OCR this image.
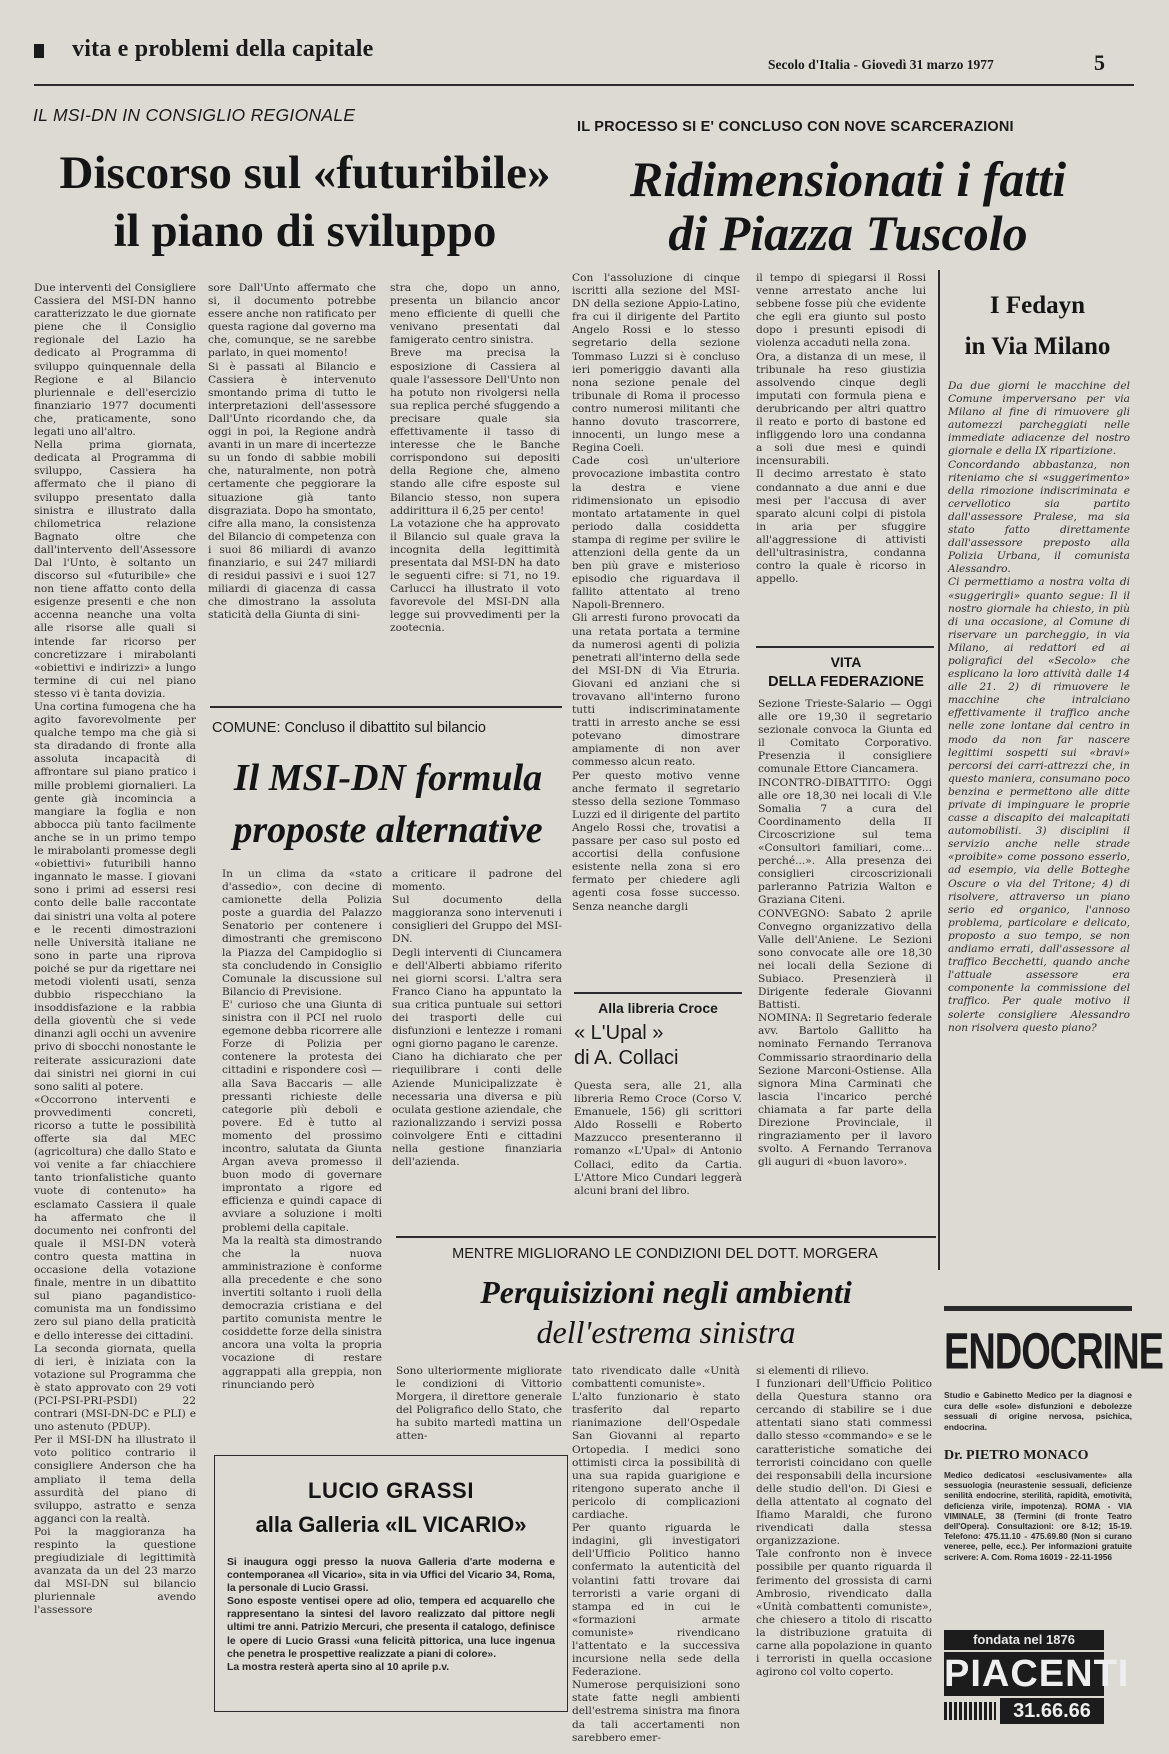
vita e problemi della capitale
Secolo d'Italia - Giovedì 31 marzo 1977	5
IL MSI-DN IN CONSIGLIO REGIONALE
Discorso sul «futuribile»
il piano di sviluppo
Due interventi del Consigliere Cassiera del MSI-DN hanno caratterizzato le due giornate piene che il Consiglio regionale del Lazio ha dedicato al Programma di sviluppo quinquennale della Regione e al Bilancio pluriennale e dell'esercizio finanziario 1977 documenti che, praticamente, sono legati uno all'altro.
Nella prima giornata, dedicata al Programma di sviluppo, Cassiera ha affermato che il piano di sviluppo presentato dalla sinistra e illustrato dalla chilometrica relazione Bagnato oltre che dall'intervento dell'Assessore Dal l'Unto, è soltanto un discorso sul «futuribile» che non tiene affatto conto della esigenze presenti e che non accenna neanche una volta alle risorse alle quali si intende far ricorso per concretizzare i mirabolanti «obiettivi e indirizzi» a lungo termine di cui nel piano stesso vi è tanta dovizia.
Una cortina fumogena che ha agito favorevolmente per qualche tempo ma che già si sta diradando di fronte alla assoluta incapacità di affrontare sul piano pratico i mille problemi giornalieri. La gente già incomincia a mangiare la foglia e non abbocca più tanto facilmente anche se in un primo tempo le mirabolanti promesse degli «obiettivi» futuribili hanno ingannato le masse. I giovani sono i primi ad essersi resi conto delle balle raccontate dai sinistri una volta al potere e le recenti dimostrazioni nelle Università italiane ne sono in parte una riprova poiché se pur da rigettare nei metodi violenti usati, senza dubbio rispecchiano la insoddisfazione e la rabbia della gioventù che si vede dinanzi agli occhi un avvenire privo di sbocchi nonostante le reiterate assicurazioni date dai sinistri nei giorni in cui sono saliti al potere.
«Occorrono interventi e provvedimenti concreti, ricorso a tutte le possibilità offerte sia dal MEC (agricoltura) che dallo Stato e voi venite a far chiacchiere tanto trionfalistiche quanto vuote di contenuto» ha esclamato Cassiera il quale ha affermato che il documento nei confronti del quale il MSI-DN voterà contro questa mattina in occasione della votazione finale, mentre in un dibattito sul piano pagandistico-comunista ma un fondissimo zero sul piano della praticità e dello interesse dei cittadini.
La seconda giornata, quella di ieri, è iniziata con la votazione sul Programma che è stato approvato con 29 voti (PCI-PSI-PRI-PSDI) 22 contrari (MSI-DN-DC e PLI) e uno astenuto (PDUP).
Per il MSI-DN ha illustrato il voto politico contrario il consigliere Anderson che ha ampliato il tema della assurdità del piano di sviluppo, astratto e senza agganci con la realtà.
Poi la maggioranza ha respinto la questione pregiudiziale di legittimità avanzata da un del 23 marzo dal MSI-DN sul bilancio pluriennale avendo l'assessore
sore Dall'Unto affermato che si, il documento potrebbe essere anche non ratificato per questa ragione dal governo ma che, comunque, se ne sarebbe parlato, in quei momento!
Si è passati al Bilancio e Cassiera è intervenuto smontando prima di tutto le interpretazioni dell'assessore Dall'Unto ricordando che, da oggi in poi, la Regione andrà avanti in un mare di incertezze su un fondo di sabbie mobili che, naturalmente, non potrà certamente che peggiorare la situazione già tanto disgraziata. Dopo ha smontato, cifre alla mano, la consistenza del Bilancio di competenza con i suoi 86 miliardi di avanzo finanziario, e sui 247 miliardi di residui passivi e i suoi 127 miliardi di giacenza di cassa che dimostrano la assoluta staticità della Giunta di sini-
stra che, dopo un anno, presenta un bilancio ancor meno efficiente di quelli che venivano presentati dal famigerato centro sinistra.
Breve ma precisa la esposizione di Cassiera al quale l'assessore Dell'Unto non ha potuto non rivolgersi nella sua replica perché sfuggendo a precisare quale sia effettivamente il tasso di interesse che le Banche corrispondono sui depositi della Regione che, almeno stando alle cifre esposte sul Bilancio stesso, non supera addirittura il 6,25 per cento!
La votazione che ha approvato il Bilancio sul quale grava la incognita della legittimità presentata dal MSI-DN ha dato le seguenti cifre: si 71, no 19. Carlucci ha illustrato il voto favorevole del MSI-DN alla legge sui provvedimenti per la zootecnia.
IL PROCESSO SI E' CONCLUSO CON NOVE SCARCERAZIONI
Ridimensionati i fatti
di Piazza Tuscolo
Con l'assoluzione di cinque iscritti alla sezione del MSI-DN della sezione Appio-Latino, fra cui il dirigente del Partito Angelo Rossi e lo stesso segretario della sezione Tommaso Luzzi si è concluso ieri pomeriggio davanti alla nona sezione penale del tribunale di Roma il processo contro numerosi militanti che hanno dovuto trascorrere, innocenti, un lungo mese a Regina Coeli.
Cade così un'ulteriore provocazione imbastita contro la destra e viene ridimensionato un episodio montato artatamente in quel periodo dalla cosiddetta stampa di regime per svilire le attenzioni della gente da un ben più grave e misterioso episodio che riguardava il fallito attentato al treno Napoli-Brennero.
Gli arresti furono provocati da una retata portata a termine da numerosi agenti di polizia penetrati all'interno della sede del MSI-DN di Via Etruria. Giovani ed anziani che si trovavano all'interno furono tutti indiscriminatamente tratti in arresto anche se essi potevano dimostrare ampiamente di non aver commesso alcun reato.
Per questo motivo venne anche fermato il segretario stesso della sezione Tommaso Luzzi ed il dirigente del partito Angelo Rossi che, trovatisi a passare per caso sul posto ed accortisi della confusione esistente nella zona si ero fermato per chiedere agli agenti cosa fosse successo. Senza neanche dargli
il tempo di spiegarsi il Rossi venne arrestato anche lui sebbene fosse più che evidente che egli era giunto sul posto dopo i presunti episodi di violenza accaduti nella zona.
Ora, a distanza di un mese, il tribunale ha reso giustizia assolvendo cinque degli imputati con formula piena e derubricando per altri quattro il reato e porto di bastone ed infliggendo loro una condanna a soli due mesi e quindi incensurabili.
Il decimo arrestato è stato condannato a due anni e due mesi per l'accusa di aver sparato alcuni colpi di pistola in aria per sfuggire all'aggressione di attivisti dell'ultrasinistra, condanna contro la quale è ricorso in appello.
I Fedayn
in Via Milano
Da due giorni le macchine del Comune imperversano per via Milano al fine di rimuovere gli automezzi parcheggiati nelle immediate adiacenze del nostro giornale e della IX ripartizione.
Concordando abbastanza, non riteniamo che si «suggerimento» della rimozione indiscriminata e cervellotico sia partito dall'assessore Pralese, ma sia stato fatto direttamente dall'assessore preposto alla Polizia Urbana, il comunista Alessandro.
Ci permettiamo a nostra volta di «suggerirgli» quanto segue: Il il nostro giornale ha chiesto, in più di una occasione, al Comune di riservare un parcheggio, in via Milano, ai redattori ed ai poligrafici del «Secolo» che esplicano la loro attività dalle 14 alle 21. 2) di rimuovere le macchine che intralciano effettivamente il traffico anche nelle zone lontane dal centro in modo da non far nascere legittimi sospetti sui «bravi» percorsi dei carri-attrezzi che, in questo maniera, consumano poco benzina e permettono alle ditte private di impinguare le proprie casse a discapito dei malcapitati automobilisti. 3) disciplini il servizio anche nelle strade «proibite» come possono esserlo, ad esempio, via delle Botteghe Oscure o via del Tritone; 4) di risolvere, attraverso un piano serio ed organico, l'annoso problema, particolare e delicato, proposto a suo tempo, se non andiamo errati, dall'assessore al traffico Becchetti, quando anche l'attuale assessore era componente la commissione del traffico. Per quale motivo il solerte consigliere Alessandro non risolvera questo piano?
COMUNE: Concluso il dibattito sul bilancio
Il MSI-DN formula
proposte alternative
In un clima da «stato d'assedio», con decine di camionette della Polizia poste a guardia del Palazzo Senatorio per contenere i dimostranti che gremiscono la Piazza del Campidoglio si sta concludendo in Consiglio Comunale la discussione sul Bilancio di Previsione.
E' curioso che una Giunta di sinistra con il PCI nel ruolo egemone debba ricorrere alle Forze di Polizia per contenere la protesta dei cittadini e rispondere così — alla Sava Baccaris — alle pressanti richieste delle categorie più deboli e povere. Ed è tutto al momento del prossimo incontro, salutata da Giunta Argan aveva promesso il buon modo di governare improntato a rigore ed efficienza e quindi capace di avviare a soluzione i molti problemi della capitale.
Ma la realtà sta dimostrando che la nuova amministrazione è conforme alla precedente e che sono invertiti soltanto i ruoli della democrazia cristiana e del partito comunista mentre le cosiddette forze della sinistra ancora una volta la propria vocazione di restare aggrappati alla greppia, non rinunciando però
a criticare il padrone del momento.
Sul documento della maggioranza sono intervenuti i consiglieri del Gruppo del MSI-DN.
Degli interventi di Ciuncamera e dell'Alberti abbiamo riferito nei giorni scorsi. L'altra sera Franco Ciano ha appuntato la sua critica puntuale sui settori dei trasporti delle cui disfunzioni e lentezze i romani ogni giorno pagano le carenze.
Ciano ha dichiarato che per riequilibrare i conti delle Aziende Municipalizzate è necessaria una diversa e più oculata gestione aziendale, che razionalizzando i servizi possa coinvolgere Enti e cittadini nella gestione finanziaria dell'azienda.
VITA
DELLA FEDERAZIONE
Sezione Trieste-Salario — Oggi alle ore 19,30 il segretario sezionale convoca la Giunta ed il Comitato Corporativo. Presenzia il consigliere comunale Ettore Ciancamera.
INCONTRO-DIBATTITO: Oggi alle ore 18,30 nei locali di V.le Somalia 7 a cura del Coordinamento della II Circoscrizione sul tema «Consultori familiari, come... perché...». Alla presenza dei consiglieri circoscrizionali parleranno Patrizia Walton e Graziana Citeni.
CONVEGNO: Sabato 2 aprile Convegno organizzativo della Valle dell'Aniene. Le Sezioni sono convocate alle ore 18,30 nei locali della Sezione di Subiaco. Presenzierà il Dirigente federale Giovanni Battisti.
NOMINA: Il Segretario federale avv. Bartolo Gallitto ha nominato Fernando Terranova Commissario straordinario della Sezione Marconi-Ostiense. Alla signora Mina Carminati che lascia l'incarico perché chiamata a far parte della Direzione Provinciale, il ringraziamento per il lavoro svolto. A Fernando Terranova gli auguri di «buon lavoro».
Alla libreria Croce
« L'Upal »
di A. Collaci
Questa sera, alle 21, alla libreria Remo Croce (Corso V. Emanuele, 156) gli scrittori Aldo Rosselli e Roberto Mazzucco presenteranno il romanzo «L'Upal» di Antonio Collaci, edito da Cartia. L'Attore Mico Cundari leggerà alcuni brani del libro.
MENTRE MIGLIORANO LE CONDIZIONI DEL DOTT. MORGERA
Perquisizioni negli ambienti
dell'estrema sinistra
Sono ulteriormente migliorate le condizioni di Vittorio Morgera, il direttore generale del Poligrafico dello Stato, che ha subito martedì mattina un atten-
tato rivendicato dalle «Unità combattenti comuniste».
L'alto funzionario è stato trasferito dal reparto rianimazione dell'Ospedale San Giovanni al reparto Ortopedia. I medici sono ottimisti circa la possibilità di una sua rapida guarigione e ritengono superato anche il pericolo di complicazioni cardiache.
Per quanto riguarda le indagini, gli investigatori dell'Ufficio Politico hanno confermato la autenticità del volantini fatti trovare dai terroristi a varie organi di stampa ed in cui le «formazioni armate comuniste» rivendicano l'attentato e la successiva incursione nella sede della Federazione.
Numerose perquisizioni sono state fatte negli ambienti dell'estrema sinistra ma finora da tali accertamenti non sarebbero emer-
si elementi di rilievo.
I funzionari dell'Ufficio Politico della Questura stanno ora cercando di stabilire se i due attentati siano stati commessi dallo stesso «commando» e se le caratteristiche somatiche dei terroristi coincidano con quelle dei responsabili della incursione delle studio dell'on. Di Giesi e della attentato al cognato del Ifiamo Maraldi, che furono rivendicati dalla stessa organizzazione.
Tale confronto non è invece possibile per quanto riguarda il ferimento del grossista di carni Ambrosio, rivendicato dalla «Unità combattenti comuniste», che chiesero a titolo di riscatto la distribuzione gratuita di carne alla popolazione in quanto i terroristi in quella occasione agirono col volto coperto.
LUCIO GRASSI
alla Galleria «IL VICARIO»
Si inaugura oggi presso la nuova Galleria d'arte moderna e contemporanea «Il Vicario», sita in via Uffici del Vicario 34, Roma, la personale di Lucio Grassi.
Sono esposte ventisei opere ad olio, tempera ed acquarello che rappresentano la sintesi del lavoro realizzato dal pittore negli ultimi tre anni. Patrizio Mercuri, che presenta il catalogo, definisce le opere di Lucio Grassi «una felicità pittorica, una luce ingenua che penetra le prospettive realizzate a piani di colore».
La mostra resterà aperta sino al 10 aprile p.v.
ENDOCRINE
Studio e Gabinetto Medico per la diagnosi e cura delle «sole» disfunzioni e debolezze sessuali di origine nervosa, psichica, endocrina.
Dr. PIETRO MONACO
Medico dedicatosi «esclusivamente» alla sessuologia (neurastenie sessuali, deficienze senilità endocrine, sterilità, rapidità, emotività, deficienza virile, impotenza). ROMA - VIA VIMINALE, 38 (Termini (di fronte Teatro dell'Opera). Consultazioni: ore 8-12; 15-19. Telefono: 475.11.10 - 475.69.80 (Non si curano veneree, pelle, ecc.). Per informazioni gratuite scrivere: A. Com. Roma 16019 - 22-11-1956
fondata nel 1876
PIACENTI
31.66.66
